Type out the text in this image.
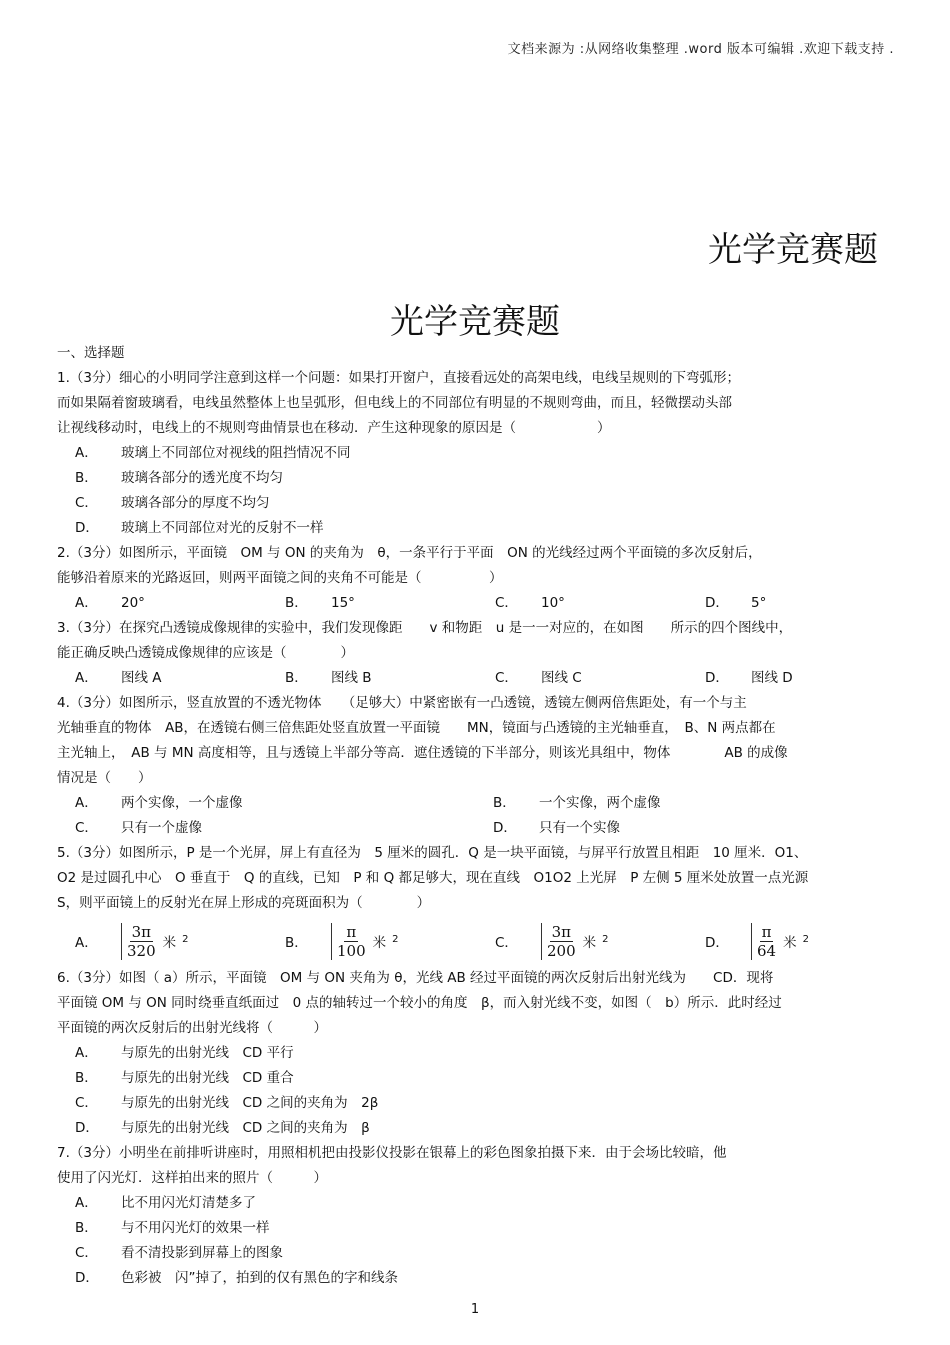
文档来源为 :从网络收集整理 .word 版本可编辑 .欢迎下载支持 .
光学竞赛题
光学竞赛题
一、选择题
1.（3分）细心的小明同学注意到这样一个问题：如果打开窗户，直接看远处的高架电线，电线呈规则的下弯弧形；
而如果隔着窗玻璃看，电线虽然整体上也呈弧形，但电线上的不同部位有明显的不规则弯曲，而且，轻微摆动头部
让视线移动时，电线上的不规则弯曲情景也在移动．产生这种现象的原因是（　　　　　　）
A． 玻璃上不同部位对视线的阻挡情况不同
B． 玻璃各部分的透光度不均匀
C． 玻璃各部分的厚度不均匀
D． 玻璃上不同部位对光的反射不一样
2.（3分）如图所示，平面镜　OM 与 ON 的夹角为　θ，一条平行于平面　ON 的光线经过两个平面镜的多次反射后，
能够沿着原来的光路返回，则两平面镜之间的夹角不可能是（　　　　　）
A． 20°	B． 15°	C． 10°	D． 5°
3.（3分）在探究凸透镜成像规律的实验中，我们发现像距　　v 和物距　u 是一一对应的，在如图　　所示的四个图线中，
能正确反映凸透镜成像规律的应该是（　　　　）
A． 图线 A	B． 图线 B	C． 图线 C	D． 图线 D
4.（3分）如图所示，竖直放置的不透光物体　　（足够大）中紧密嵌有一凸透镜，透镜左侧两倍焦距处，有一个与主
光轴垂直的物体　AB，在透镜右侧三倍焦距处竖直放置一平面镜　　MN，镜面与凸透镜的主光轴垂直，　B、N 两点都在
主光轴上，　AB 与 MN 高度相等，且与透镜上半部分等高．遮住透镜的下半部分，则该光具组中，物体　　　　AB 的成像
情况是（　　）
A． 两个实像，一个虚像	B． 一个实像，两个虚像
C． 只有一个虚像	D． 只有一个实像
5.（3分）如图所示，P 是一个光屏，屏上有直径为　5 厘米的圆孔．Q 是一块平面镜，与屏平行放置且相距　10 厘米．O1、
O2 是过圆孔中心　O 垂直于　Q 的直线，已知　P 和 Q 都足够大，现在直线　O1O2 上光屏　P 左侧 5 厘米处放置一点光源
S，则平面镜上的反射光在屏上形成的亮斑面积为（　　　　）
A．	$\frac{3\pi}{320}$ 米 $^2$	B．	$\frac{\pi}{100}$ 米 $^2$	C．	$\frac{3\pi}{200}$ 米 $^2$	D．	$\frac{\pi}{64}$ 米 $^2$
6.（3分）如图（ a）所示，平面镜　OM 与 ON 夹角为 θ，光线 AB 经过平面镜的两次反射后出射光线为　　CD．现将
平面镜 OM 与 ON 同时绕垂直纸面过　0 点的轴转过一个较小的角度　β，而入射光线不变，如图（　b）所示．此时经过
平面镜的两次反射后的出射光线将（　　　）
A． 与原先的出射光线　CD 平行
B． 与原先的出射光线　CD 重合
C． 与原先的出射光线　CD 之间的夹角为　2β
D． 与原先的出射光线　CD 之间的夹角为　β
7.（3分）小明坐在前排听讲座时，用照相机把由投影仪投影在银幕上的彩色图象拍摄下来．由于会场比较暗，他
使用了闪光灯．这样拍出来的照片（　　　）
A． 比不用闪光灯清楚多了
B． 与不用闪光灯的效果一样
C． 看不清投影到屏幕上的图象
D． 色彩被　闪”掉了，拍到的仅有黑色的字和线条
1
